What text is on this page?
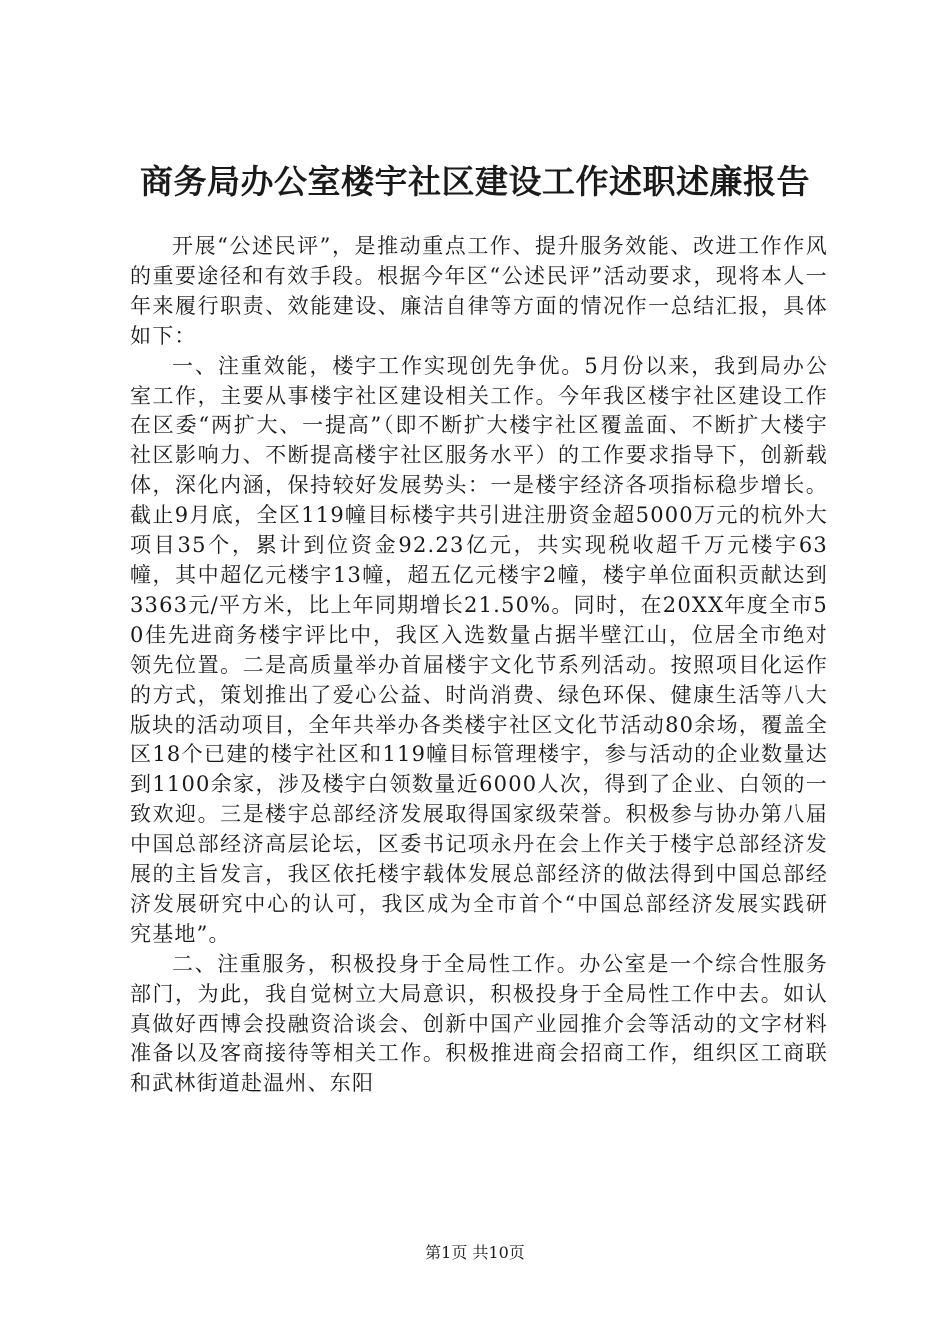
商务局办公室楼宇社区建设工作述职述廉报告

开展“公述民评”，是推动重点工作、提升服务效能、改进工作作风的重要途径和有效手段。根据今年区“公述民评”活动要求，现将本人一年来履行职责、效能建设、廉洁自律等方面的情况作一总结汇报，具体如下：

一、注重效能，楼宇工作实现创先争优。5月份以来，我到局办公室工作，主要从事楼宇社区建设相关工作。今年我区楼宇社区建设工作在区委“两扩大、一提高”（即不断扩大楼宇社区覆盖面、不断扩大楼宇社区影响力、不断提高楼宇社区服务水平）的工作要求指导下，创新载体，深化内涵，保持较好发展势头：一是楼宇经济各项指标稳步增长。截止9月底，全区119幢目标楼宇共引进注册资金超5000万元的杭外大项目35个，累计到位资金92.23亿元，共实现税收超千万元楼宇63幢，其中超亿元楼宇13幢，超五亿元楼宇2幢，楼宇单位面积贡献达到3363元/平方米，比上年同期增长21.50%。同时，在20XX年度全市50佳先进商务楼宇评比中，我区入选数量占据半壁江山，位居全市绝对领先位置。二是高质量举办首届楼宇文化节系列活动。按照项目化运作的方式，策划推出了爱心公益、时尚消费、绿色环保、健康生活等八大版块的活动项目，全年共举办各类楼宇社区文化节活动80余场，覆盖全区18个已建的楼宇社区和119幢目标管理楼宇，参与活动的企业数量达到1100余家，涉及楼宇白领数量近6000人次，得到了企业、白领的一致欢迎。三是楼宇总部经济发展取得国家级荣誉。积极参与协办第八届中国总部经济高层论坛，区委书记项永丹在会上作关于楼宇总部经济发展的主旨发言，我区依托楼宇载体发展总部经济的做法得到中国总部经济发展研究中心的认可，我区成为全市首个“中国总部经济发展实践研究基地”。

二、注重服务，积极投身于全局性工作。办公室是一个综合性服务部门，为此，我自觉树立大局意识，积极投身于全局性工作中去。如认真做好西博会投融资洽谈会、创新中国产业园推介会等活动的文字材料准备以及客商接待等相关工作。积极推进商会招商工作，组织区工商联和武林街道赴温州、东阳

第1页 共10页
